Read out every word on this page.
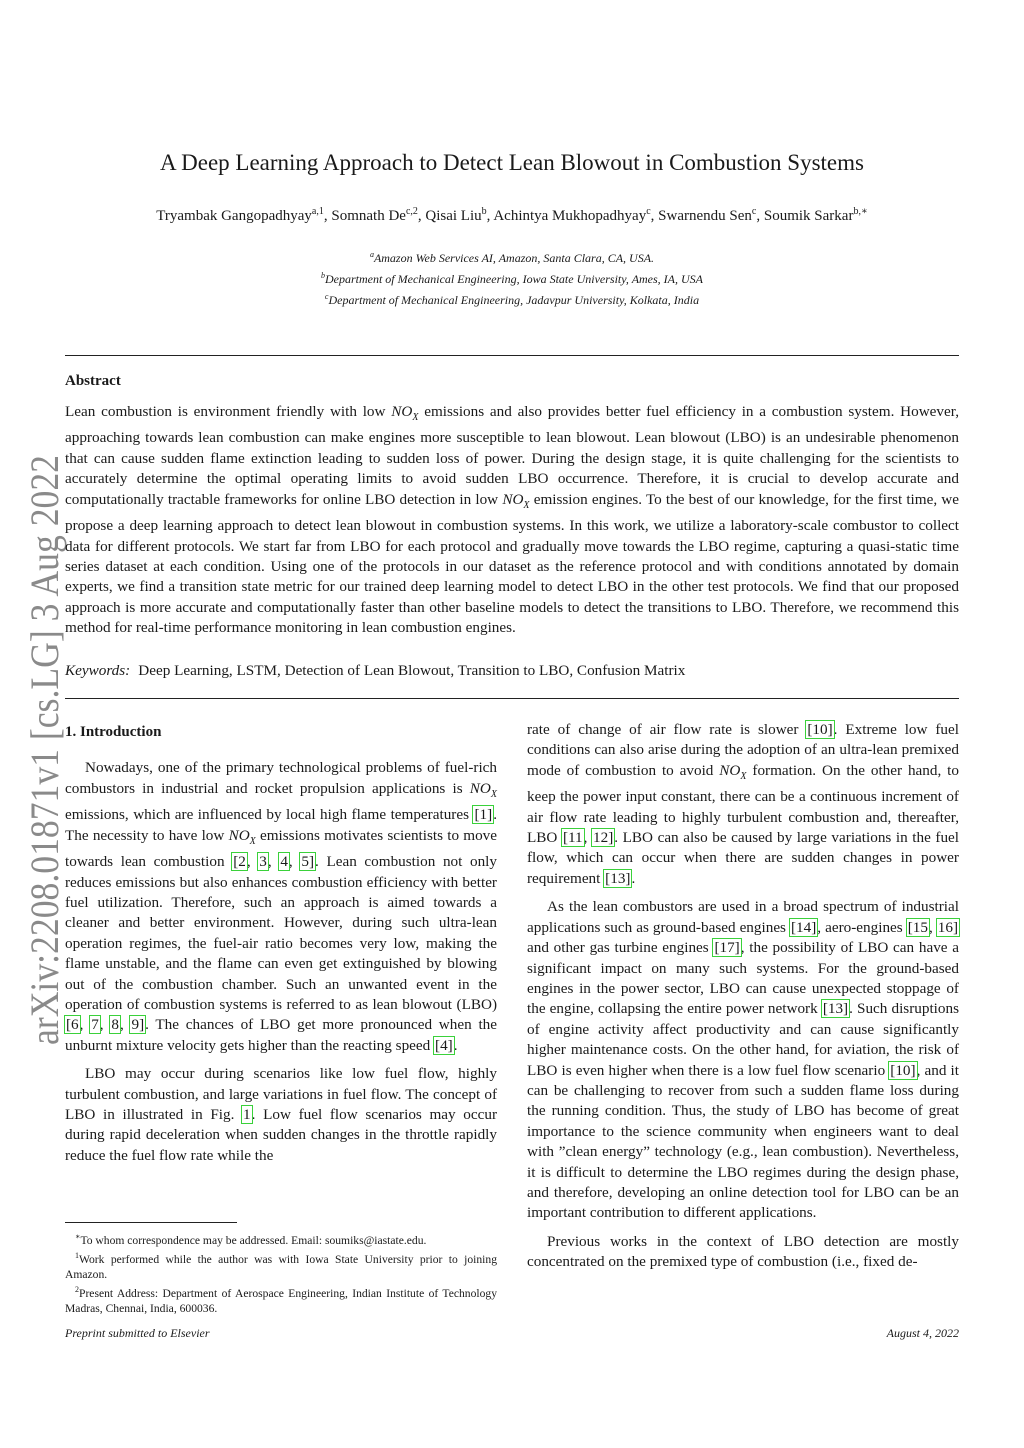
arXiv:2208.01871v1 [cs.LG] 3 Aug 2022
A Deep Learning Approach to Detect Lean Blowout in Combustion Systems
Tryambak Gangopadhyay$^{a,1}$, Somnath De$^{c,2}$, Qisai Liu$^b$, Achintya Mukhopadhyay$^c$, Swarnendu Sen$^c$, Soumik Sarkar$^{b,∗}$
$^a$Amazon Web Services AI, Amazon, Santa Clara, CA, USA.
$^b$Department of Mechanical Engineering, Iowa State University, Ames, IA, USA
$^c$Department of Mechanical Engineering, Jadavpur University, Kolkata, India
Abstract
Lean combustion is environment friendly with low $NO_X$ emissions and also provides better fuel efficiency in a combustion system. However, approaching towards lean combustion can make engines more susceptible to lean blowout. Lean blowout (LBO) is an undesirable phenomenon that can cause sudden flame extinction leading to sudden loss of power. During the design stage, it is quite challenging for the scientists to accurately determine the optimal operating limits to avoid sudden LBO occurrence. Therefore, it is crucial to develop accurate and computationally tractable frameworks for online LBO detection in low $NO_X$ emission engines. To the best of our knowledge, for the first time, we propose a deep learning approach to detect lean blowout in combustion systems. In this work, we utilize a laboratory-scale combustor to collect data for different protocols. We start far from LBO for each protocol and gradually move towards the LBO regime, capturing a quasi-static time series dataset at each condition. Using one of the protocols in our dataset as the reference protocol and with conditions annotated by domain experts, we find a transition state metric for our trained deep learning model to detect LBO in the other test protocols. We find that our proposed approach is more accurate and computationally faster than other baseline models to detect the transitions to LBO. Therefore, we recommend this method for real-time performance monitoring in lean combustion engines.
Keywords: Deep Learning, LSTM, Detection of Lean Blowout, Transition to LBO, Confusion Matrix
1. Introduction

Nowadays, one of the primary technological problems of fuel-rich combustors in industrial and rocket propulsion applications is $NO_X$ emissions, which are influenced by local high flame temperatures [1]. The necessity to have low $NO_X$ emissions motivates scientists to move towards lean combustion [2, 3, 4, 5]. Lean combustion not only reduces emissions but also enhances combustion efficiency with better fuel utilization. Therefore, such an approach is aimed towards a cleaner and better environment. However, during such ultra-lean operation regimes, the fuel-air ratio becomes very low, making the flame unstable, and the flame can even get extinguished by blowing out of the combustion chamber. Such an unwanted event in the operation of combustion systems is referred to as lean blowout (LBO) [6, 7, 8, 9]. The chances of LBO get more pronounced when the unburnt mixture velocity gets higher than the reacting speed [4].

LBO may occur during scenarios like low fuel flow, highly turbulent combustion, and large variations in fuel flow. The concept of LBO in illustrated in Fig. 1. Low fuel flow scenarios may occur during rapid deceleration when sudden changes in the throttle rapidly reduce the fuel flow rate while the

∗To whom correspondence may be addressed. Email: soumiks@iastate.edu.
$^1$Work performed while the author was with Iowa State University prior to joining Amazon.
$^2$Present Address: Department of Aerospace Engineering, Indian Institute of Technology Madras, Chennai, India, 600036.

rate of change of air flow rate is slower [10]. Extreme low fuel conditions can also arise during the adoption of an ultra-lean premixed mode of combustion to avoid $NO_X$ formation. On the other hand, to keep the power input constant, there can be a continuous increment of air flow rate leading to highly turbulent combustion and, thereafter, LBO [11, 12]. LBO can also be caused by large variations in the fuel flow, which can occur when there are sudden changes in power requirement [13].

As the lean combustors are used in a broad spectrum of industrial applications such as ground-based engines [14], aero-engines [15, 16] and other gas turbine engines [17], the possibility of LBO can have a significant impact on many such systems. For the ground-based engines in the power sector, LBO can cause unexpected stoppage of the engine, collapsing the entire power network [13]. Such disruptions of engine activity affect productivity and can cause significantly higher maintenance costs. On the other hand, for aviation, the risk of LBO is even higher when there is a low fuel flow scenario [10], and it can be challenging to recover from such a sudden flame loss during the running condition. Thus, the study of LBO has become of great importance to the science community when engineers want to deal with ”clean energy” technology (e.g., lean combustion). Nevertheless, it is difficult to determine the LBO regimes during the design phase, and therefore, developing an online detection tool for LBO can be an important contribution to different applications.

Previous works in the context of LBO detection are mostly concentrated on the premixed type of combustion (i.e., fixed de-

Preprint submitted to Elsevier	August 4, 2022
